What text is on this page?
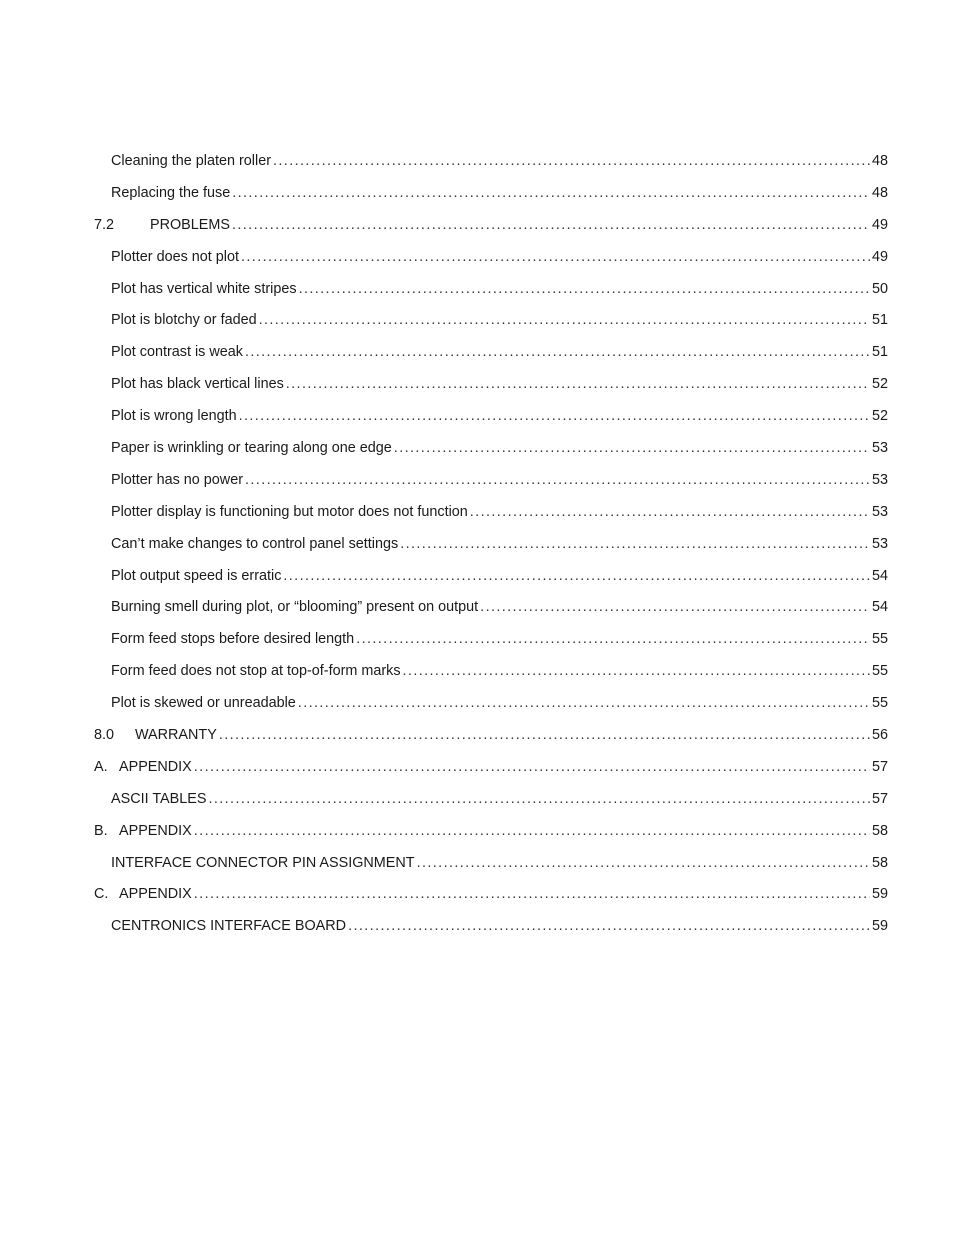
Cleaning the platen roller .....	48
Replacing the fuse .....	48
7.2	PROBLEMS .....	49
Plotter does not plot .....	49
Plot has vertical white stripes .....	50
Plot is blotchy or faded .....	51
Plot contrast is weak .....	51
Plot has black vertical lines .....	52
Plot is wrong length .....	52
Paper is wrinkling or tearing along one edge .....	53
Plotter has no power .....	53
Plotter display is functioning but motor does not function .....	53
Can’t make changes to control panel settings .....	53
Plot output speed is erratic .....	54
Burning smell during plot, or “blooming” present on output .....	54
Form feed stops before desired length .....	55
Form feed does not stop at top-of-form marks .....	55
Plot is skewed or unreadable .....	55
8.0	WARRANTY .....	56
A. APPENDIX .....	57
ASCII TABLES .....	57
B. APPENDIX .....	58
INTERFACE CONNECTOR PIN ASSIGNMENT .....	58
C. APPENDIX .....	59
CENTRONICS INTERFACE BOARD .....	59
